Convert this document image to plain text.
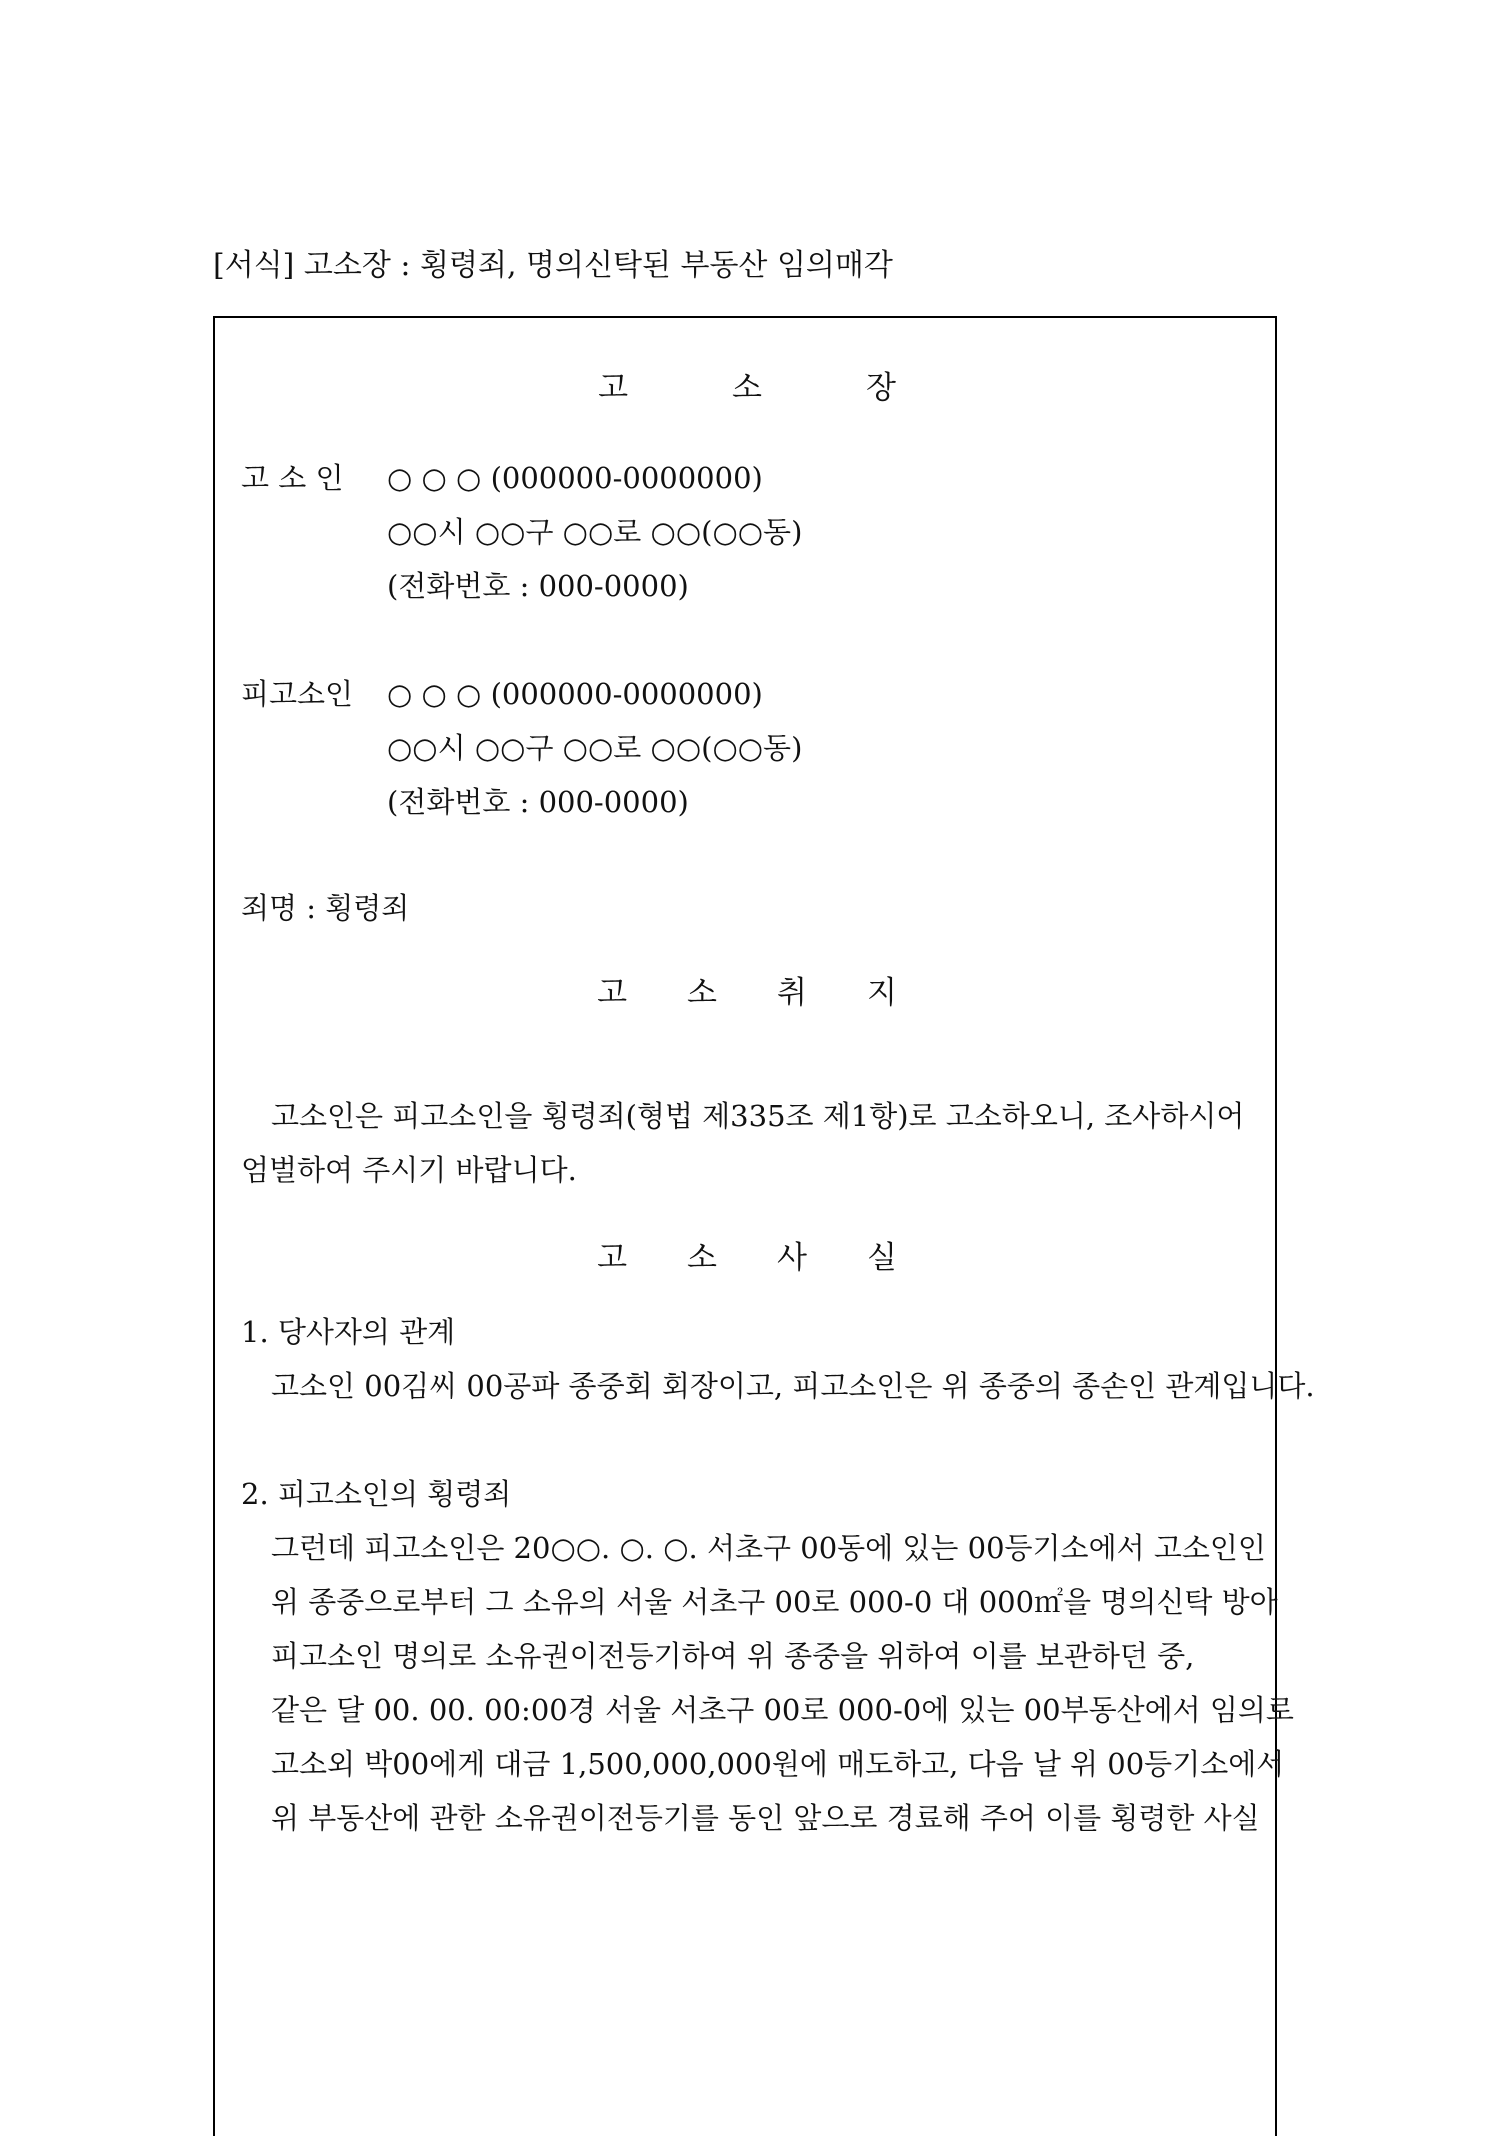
[서식] 고소장 : 횡령죄, 명의신탁된 부동산 임의매각
고	소	장
고 소 인 ○ ○ ○ (000000-0000000)
○○시 ○○구 ○○로 ○○(○○동)
(전화번호 : 000-0000)
피고소인 ○ ○ ○ (000000-0000000)
○○시 ○○구 ○○로 ○○(○○동)
(전화번호 : 000-0000)
죄명 : 횡령죄
고 소 취 지
고소인은 피고소인을 횡령죄(형법 제335조 제1항)로 고소하오니, 조사하시어
엄벌하여 주시기 바랍니다.
고 소 사 실
1. 당사자의 관계
고소인 00김씨 00공파 종중회 회장이고, 피고소인은 위 종중의 종손인 관계입니다.
2. 피고소인의 횡령죄
그런데 피고소인은 20○○. ○. ○. 서초구 00동에 있는 00등기소에서 고소인인
위 종중으로부터 그 소유의 서울 서초구 00로 000-0 대 000㎡을 명의신탁 방아
피고소인 명의로 소유권이전등기하여 위 종중을 위하여 이를 보관하던 중,
같은 달 00. 00. 00:00경 서울 서초구 00로 000-0에 있는 00부동산에서 임의로
고소외 박00에게 대금 1,500,000,000원에 매도하고, 다음 날 위 00등기소에서
위 부동산에 관한 소유권이전등기를 동인 앞으로 경료해 주어 이를 횡령한 사실
